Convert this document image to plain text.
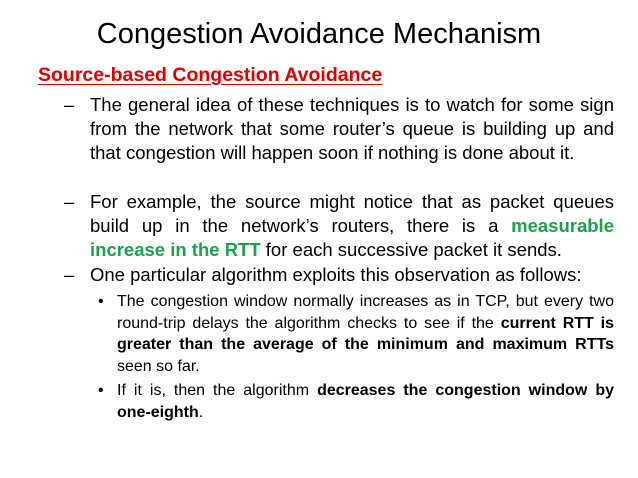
Congestion Avoidance Mechanism
Source-based Congestion Avoidance
– The general idea of these techniques is to watch for some sign from the network that some router’s queue is building up and that congestion will happen soon if nothing is done about it.
– For example, the source might notice that as packet queues build up in the network’s routers, there is a measurable increase in the RTT for each successive packet it sends.
– One particular algorithm exploits this observation as follows:
• The congestion window normally increases as in TCP, but every two round-trip delays the algorithm checks to see if the current RTT is greater than the average of the minimum and maximum RTTs seen so far.
• If it is, then the algorithm decreases the congestion window by one-eighth.
